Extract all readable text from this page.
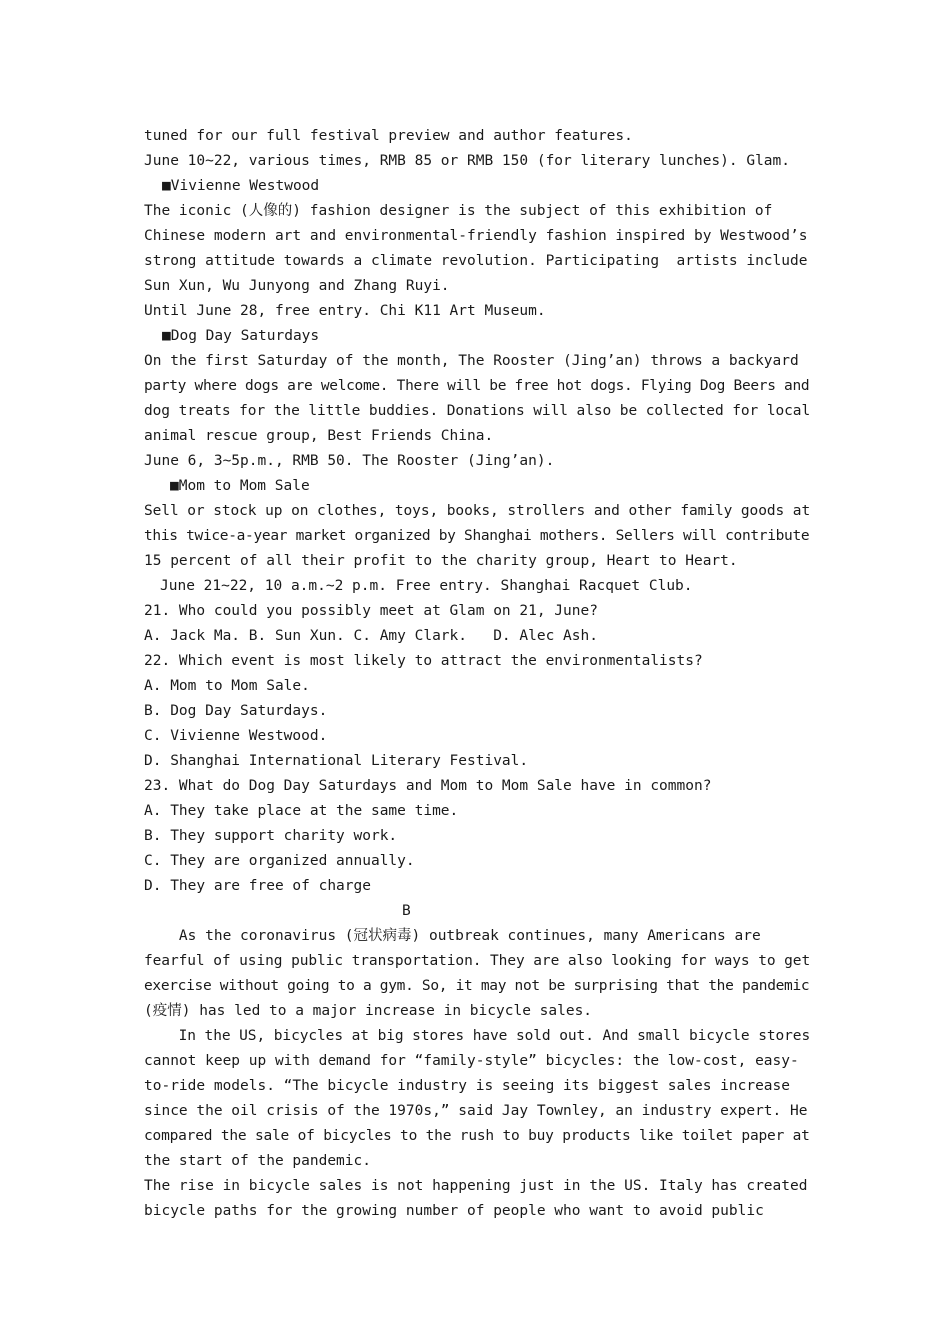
tuned for our full festival preview and author features.
June 10~22, various times, RMB 85 or RMB 150 (for literary lunches). Glam.
■Vivienne Westwood
The iconic (人像的) fashion designer is the subject of this exhibition of
Chinese modern art and environmental-friendly fashion inspired by Westwood’s
strong attitude towards a climate revolution. Participating  artists include
Sun Xun, Wu Junyong and Zhang Ruyi.
Until June 28, free entry. Chi K11 Art Museum.
■Dog Day Saturdays
On the first Saturday of the month, The Rooster (Jing’an) throws a backyard
party where dogs are welcome. There will be free hot dogs. Flying Dog Beers and
dog treats for the little buddies. Donations will also be collected for local
animal rescue group, Best Friends China.
June 6, 3~5p.m., RMB 50. The Rooster (Jing’an).
■Mom to Mom Sale
Sell or stock up on clothes, toys, books, strollers and other family goods at
this twice-a-year market organized by Shanghai mothers. Sellers will contribute
15 percent of all their profit to the charity group, Heart to Heart.
June 21~22, 10 a.m.~2 p.m. Free entry. Shanghai Racquet Club.
21. Who could you possibly meet at Glam on 21, June?
A. Jack Ma. B. Sun Xun. C. Amy Clark.   D. Alec Ash.
22. Which event is most likely to attract the environmentalists?
A. Mom to Mom Sale.
B. Dog Day Saturdays.
C. Vivienne Westwood.
D. Shanghai International Literary Festival.
23. What do Dog Day Saturdays and Mom to Mom Sale have in common?
A. They take place at the same time.
B. They support charity work.
C. They are organized annually.
D. They are free of charge
B
As the coronavirus (冠状病毒) outbreak continues, many Americans are
fearful of using public transportation. They are also looking for ways to get
exercise without going to a gym. So, it may not be surprising that the pandemic
(疫情) has led to a major increase in bicycle sales.
In the US, bicycles at big stores have sold out. And small bicycle stores
cannot keep up with demand for “family-style” bicycles: the low-cost, easy-
to-ride models. “The bicycle industry is seeing its biggest sales increase
since the oil crisis of the 1970s,” said Jay Townley, an industry expert. He
compared the sale of bicycles to the rush to buy products like toilet paper at
the start of the pandemic.
The rise in bicycle sales is not happening just in the US. Italy has created
bicycle paths for the growing number of people who want to avoid public
